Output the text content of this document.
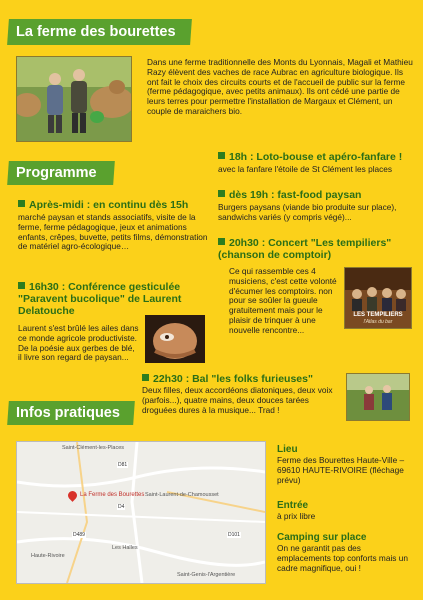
La ferme des bourettes
Dans une ferme traditionnelle des Monts du Lyonnais, Magali et Mathieu Razy élèvent des vaches de race Aubrac en agriculture biologique. Ils ont fait le choix des circuits courts et de l'accueil de public sur la ferme (ferme pédagogique, avec petits animaux). Ils ont cédé une partie de leurs terres pour permettre l'installation de Margaux et Clément, un couple de maraichers bio.
Programme
Après-midi : en continu dès 15h
marché paysan et stands associatifs, visite de la ferme, ferme pédagogique, jeux et animations enfants, crêpes, buvette, petits films, démonstration de matériel agro-écologique…
16h30 : Conférence gesticulée "Paravent bucolique" de Laurent Delatouche
Laurent s'est brûlé les ailes dans ce monde agricole productiviste. De la poésie aux gerbes de blé, il livre son regard de paysan...
22h30 : Bal "les folks furieuses"
Deux filles, deux accordéons diatoniques, deux voix (parfois...), quatre mains, deux douces tarées droguées dures à la musique... Trad !
18h : Loto-bouse et apéro-fanfare !
avec la fanfare l'étoile de St Clément les places
dès 19h : fast-food paysan
Burgers paysans (viande bio produite sur place), sandwichs variés (y compris végé)...
20h30 : Concert "Les tempiliers" (chanson de comptoir)
Ce qui rassemble ces 4 musiciens, c'est cette volonté d'écumer les comptoirs. non pour se soûler la gueule gratuitement mais pour le plaisir de trinquer à une nouvelle rencontre...
LES TEMPILIERS
l'Atlas du bar
Infos pratiques
Saint-Clément-les-Places
Saint-Laurent-de-Chamousset
Haute-Rivoire
Les Halles
Saint-Genis-l'Argentière
D81
D4
D489	D101
La Ferme des Bourettes
Lieu
Ferme des Bourettes Haute-Ville – 69610 HAUTE-RIVOIRE (fléchage prévu)
Entrée
à prix libre
Camping sur place
On ne garantit pas des emplacements top conforts mais un cadre magnifique, oui !
